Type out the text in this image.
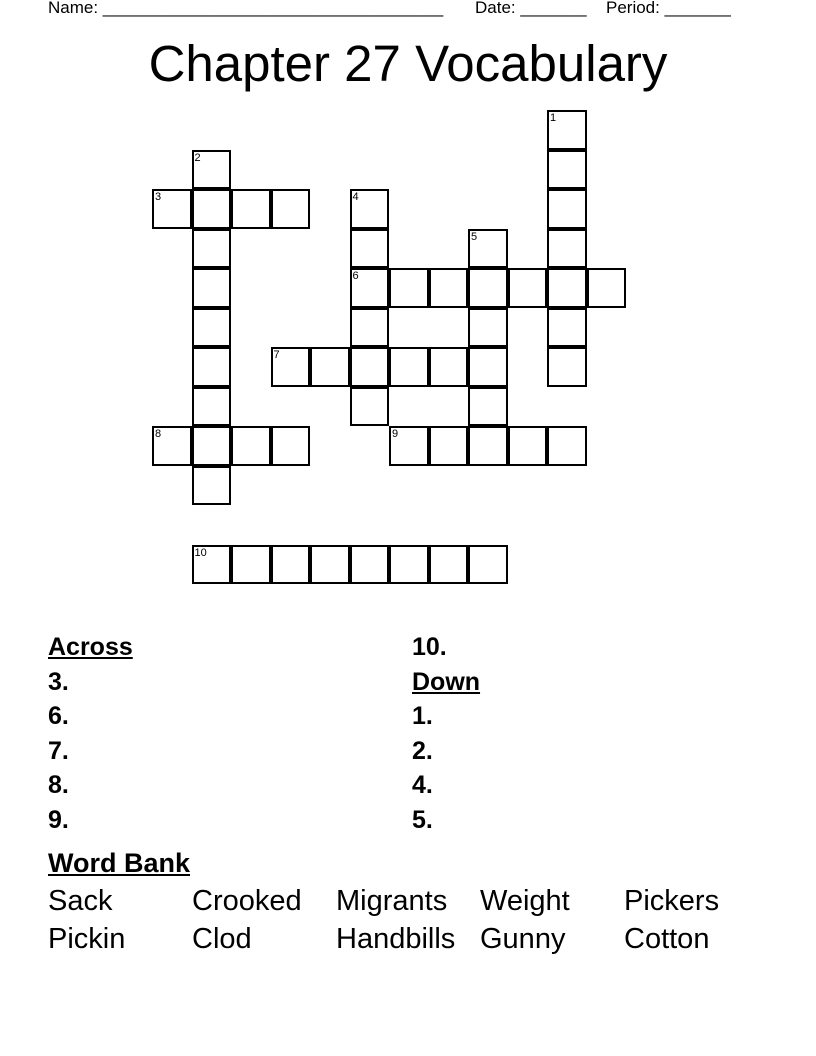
Name: ____________________________________

Date: _______

Period: _______

Chapter 27 Vocabulary
1
2
3	4
5
6
7
8	9
10
Across
3.
6.
7.
8.
9.
10.
Down
1.
2.
4.
5.
Word Bank
Sack	Crooked	Migrants	Weight	Pickers
Pickin	Clod	Handbills Gunny	Cotton
